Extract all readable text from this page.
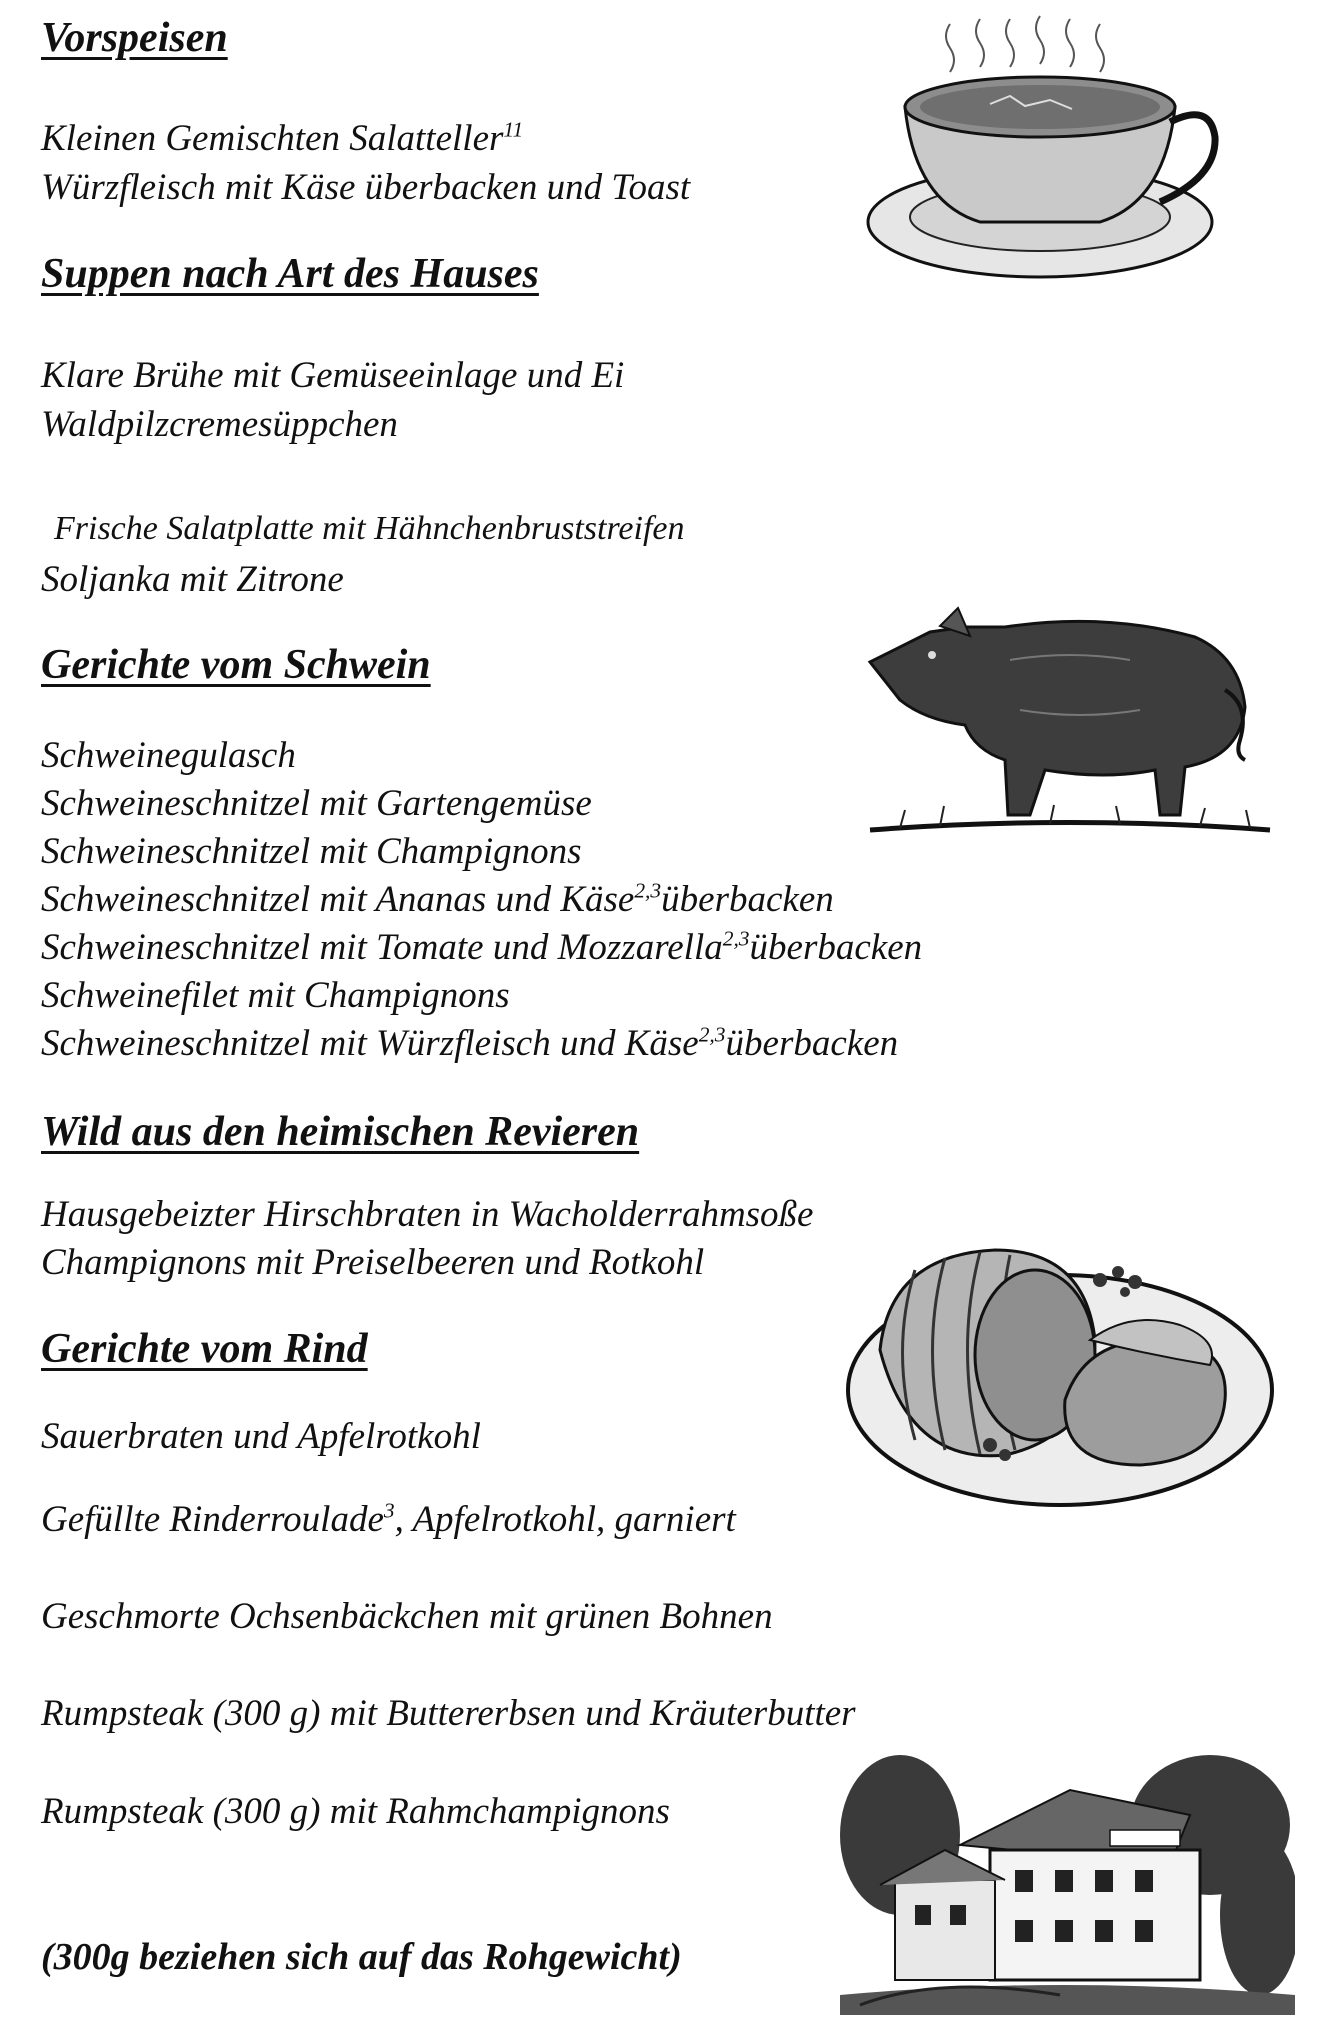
Vorspeisen
Kleinen Gemischten Salatteller$^{11}$
Würzfleisch mit Käse überbacken und Toast
Suppen nach Art des Hauses
Klare Brühe mit Gemüseeinlage und Ei
Waldpilzcremesüppchen
Frische Salatplatte mit Hähnchenbruststreifen
Soljanka mit Zitrone
Gerichte vom Schwein
Schweinegulasch
Schweineschnitzel mit Gartengemüse
Schweineschnitzel mit Champignons
Schweineschnitzel mit Ananas und Käse$^{2,3}$überbacken
Schweineschnitzel mit Tomate und Mozzarella$^{2,3}$überbacken
Schweinefilet mit Champignons
Schweineschnitzel mit Würzfleisch und Käse$^{2,3}$überbacken
Wild aus den heimischen Revieren
Hausgebeizter Hirschbraten in Wacholderrahmsoße
Champignons mit Preiselbeeren und Rotkohl
Gerichte vom Rind
Sauerbraten und Apfelrotkohl
Gefüllte Rinderroulade$^3$, Apfelrotkohl, garniert
Geschmorte Ochsenbäckchen mit grünen Bohnen
Rumpsteak (300 g) mit Buttererbsen und Kräuterbutter
Rumpsteak (300 g) mit Rahmchampignons
(300g beziehen sich auf das Rohgewicht)
